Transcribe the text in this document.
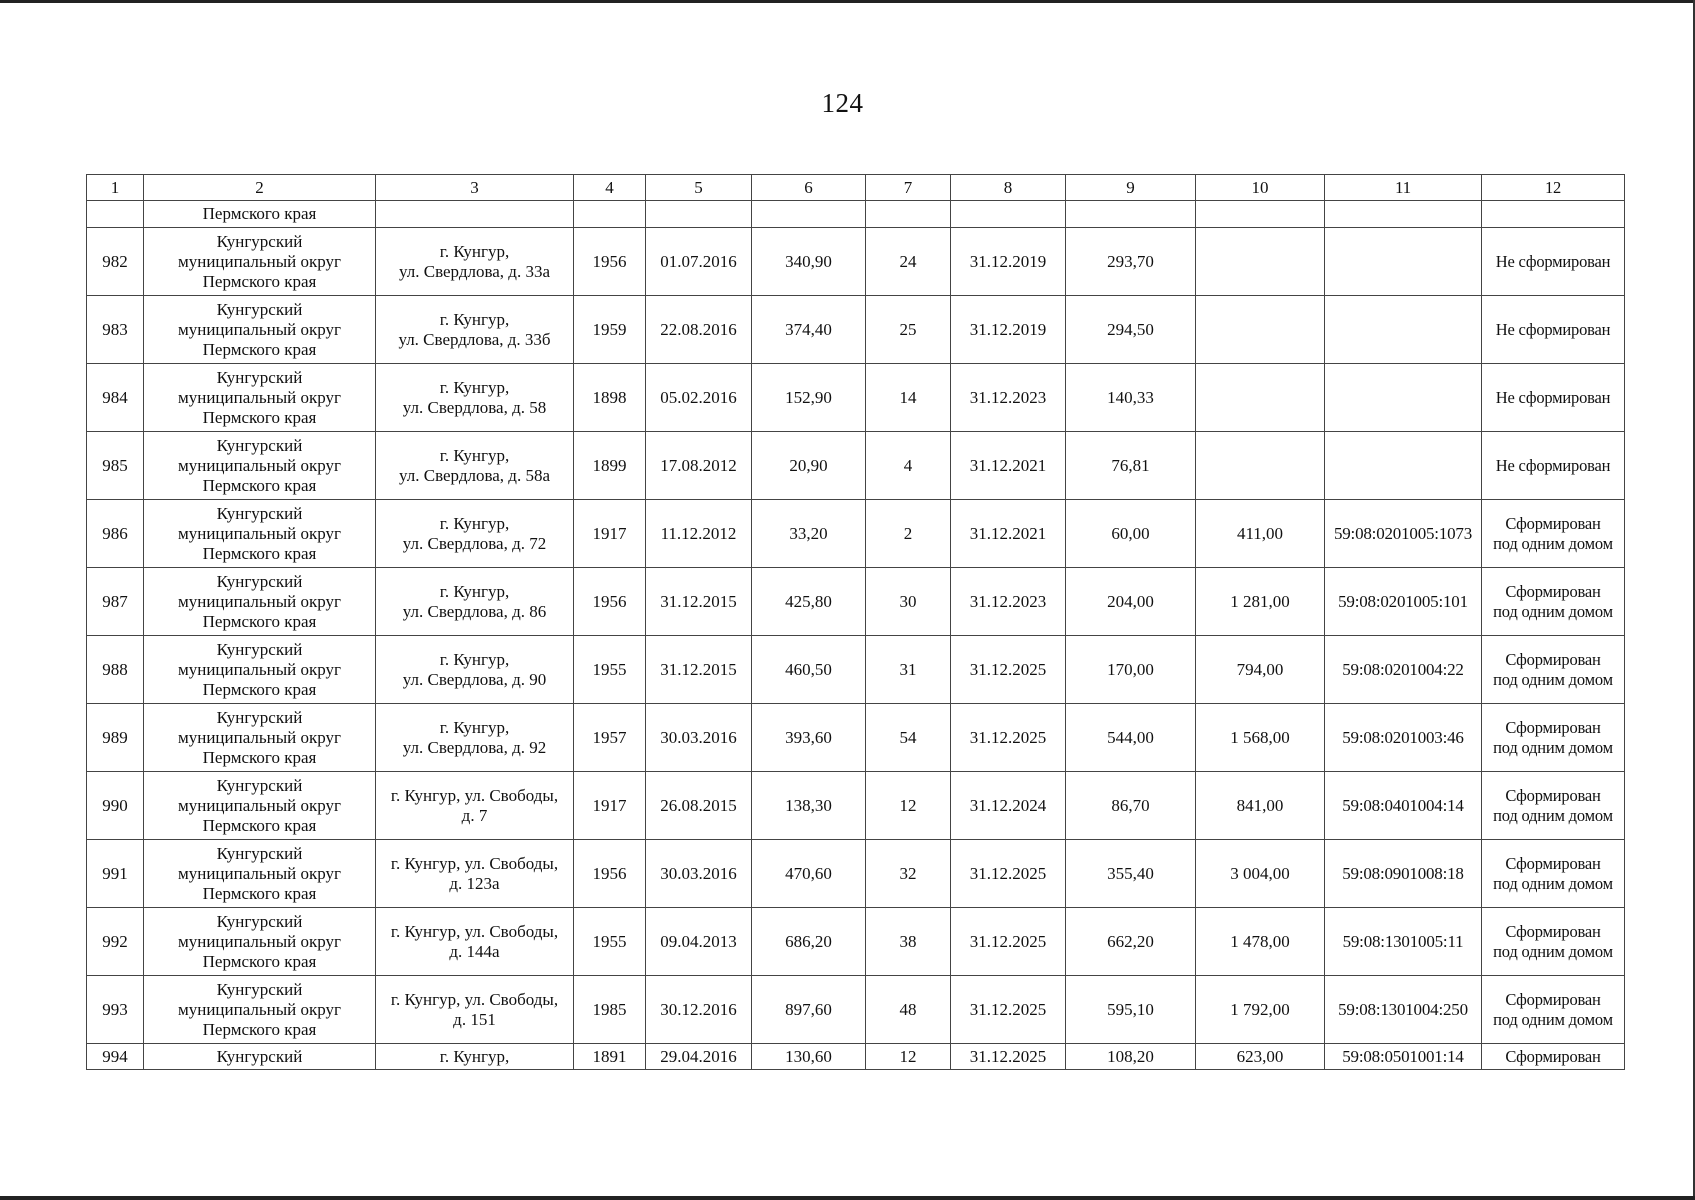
124
1	2	3	4	5	6	7	8	9	10	11	12
	Пермского края										
982	Кунгурский
муниципальный округ
Пермского края	г. Кунгур,
ул. Свердлова, д. 33а	1956	01.07.2016	340,90	24	31.12.2019	293,70			Не сформирован
983	Кунгурский
муниципальный округ
Пермского края	г. Кунгур,
ул. Свердлова, д. 33б	1959	22.08.2016	374,40	25	31.12.2019	294,50			Не сформирован
984	Кунгурский
муниципальный округ
Пермского края	г. Кунгур,
ул. Свердлова, д. 58	1898	05.02.2016	152,90	14	31.12.2023	140,33			Не сформирован
985	Кунгурский
муниципальный округ
Пермского края	г. Кунгур,
ул. Свердлова, д. 58а	1899	17.08.2012	20,90	4	31.12.2021	76,81			Не сформирован
986	Кунгурский
муниципальный округ
Пермского края	г. Кунгур,
ул. Свердлова, д. 72	1917	11.12.2012	33,20	2	31.12.2021	60,00	411,00	59:08:0201005:1073	Сформирован
под одним домом
987	Кунгурский
муниципальный округ
Пермского края	г. Кунгур,
ул. Свердлова, д. 86	1956	31.12.2015	425,80	30	31.12.2023	204,00	1 281,00	59:08:0201005:101	Сформирован
под одним домом
988	Кунгурский
муниципальный округ
Пермского края	г. Кунгур,
ул. Свердлова, д. 90	1955	31.12.2015	460,50	31	31.12.2025	170,00	794,00	59:08:0201004:22	Сформирован
под одним домом
989	Кунгурский
муниципальный округ
Пермского края	г. Кунгур,
ул. Свердлова, д. 92	1957	30.03.2016	393,60	54	31.12.2025	544,00	1 568,00	59:08:0201003:46	Сформирован
под одним домом
990	Кунгурский
муниципальный округ
Пермского края	г. Кунгур, ул. Свободы,
д. 7	1917	26.08.2015	138,30	12	31.12.2024	86,70	841,00	59:08:0401004:14	Сформирован
под одним домом
991	Кунгурский
муниципальный округ
Пермского края	г. Кунгур, ул. Свободы,
д. 123а	1956	30.03.2016	470,60	32	31.12.2025	355,40	3 004,00	59:08:0901008:18	Сформирован
под одним домом
992	Кунгурский
муниципальный округ
Пермского края	г. Кунгур, ул. Свободы,
д. 144а	1955	09.04.2013	686,20	38	31.12.2025	662,20	1 478,00	59:08:1301005:11	Сформирован
под одним домом
993	Кунгурский
муниципальный округ
Пермского края	г. Кунгур, ул. Свободы,
д. 151	1985	30.12.2016	897,60	48	31.12.2025	595,10	1 792,00	59:08:1301004:250	Сформирован
под одним домом
994	Кунгурский	г. Кунгур,	1891	29.04.2016	130,60	12	31.12.2025	108,20	623,00	59:08:0501001:14	Сформирован
